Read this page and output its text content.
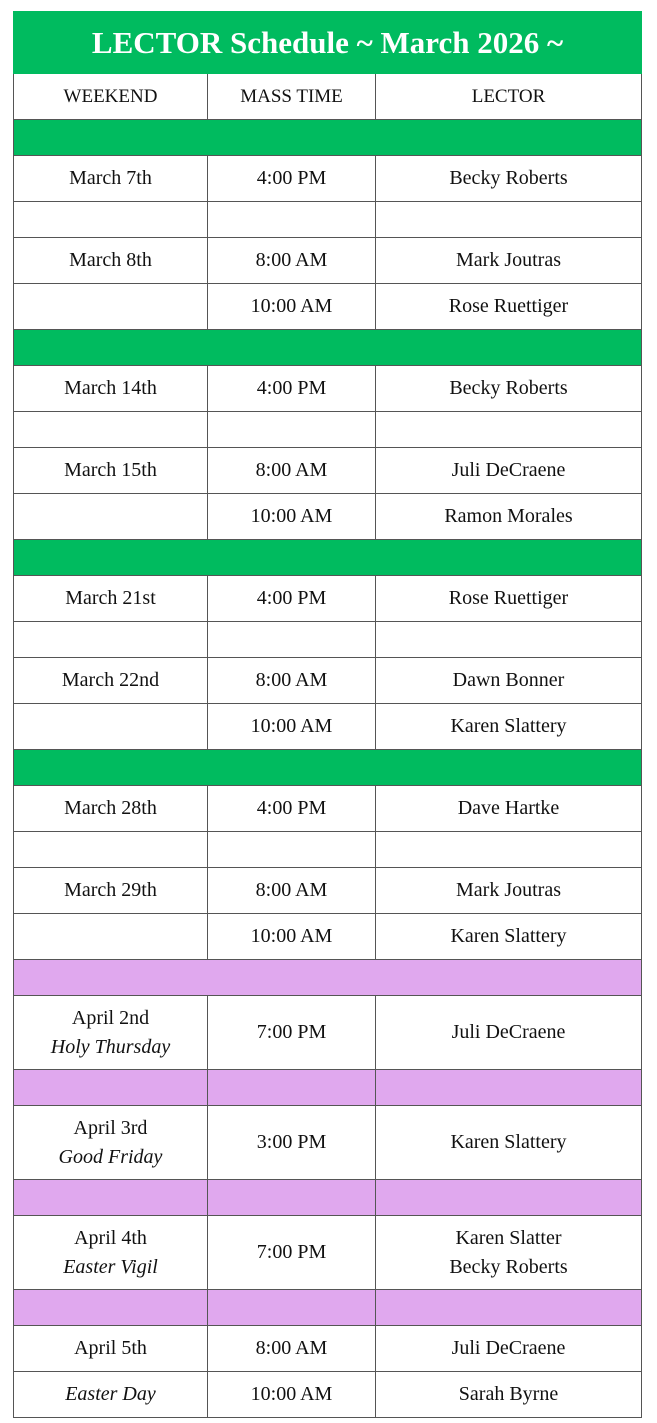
LECTOR Schedule ~ March 2026 ~		
WEEKEND	MASS TIME	LECTOR

March 7th	4:00 PM	Becky Roberts

March 8th	8:00 AM	Mark Joutras
	10:00 AM	Rose Ruettiger

March 14th	4:00 PM	Becky Roberts

March 15th	8:00 AM	Juli DeCraene
	10:00 AM	Ramon Morales

March 21st	4:00 PM	Rose Ruettiger

March 22nd	8:00 AM	Dawn Bonner
	10:00 AM	Karen Slattery

March 28th	4:00 PM	Dave Hartke

March 29th	8:00 AM	Mark Joutras
	10:00 AM	Karen Slattery

April 2nd
Holy Thursday	7:00 PM	Juli DeCraene

April 3rd
Good Friday	3:00 PM	Karen Slattery

April 4th
Easter Vigil	7:00 PM	Karen Slatter
Becky Roberts

April 5th	8:00 AM	Juli DeCraene
Easter Day	10:00 AM	Sarah Byrne
